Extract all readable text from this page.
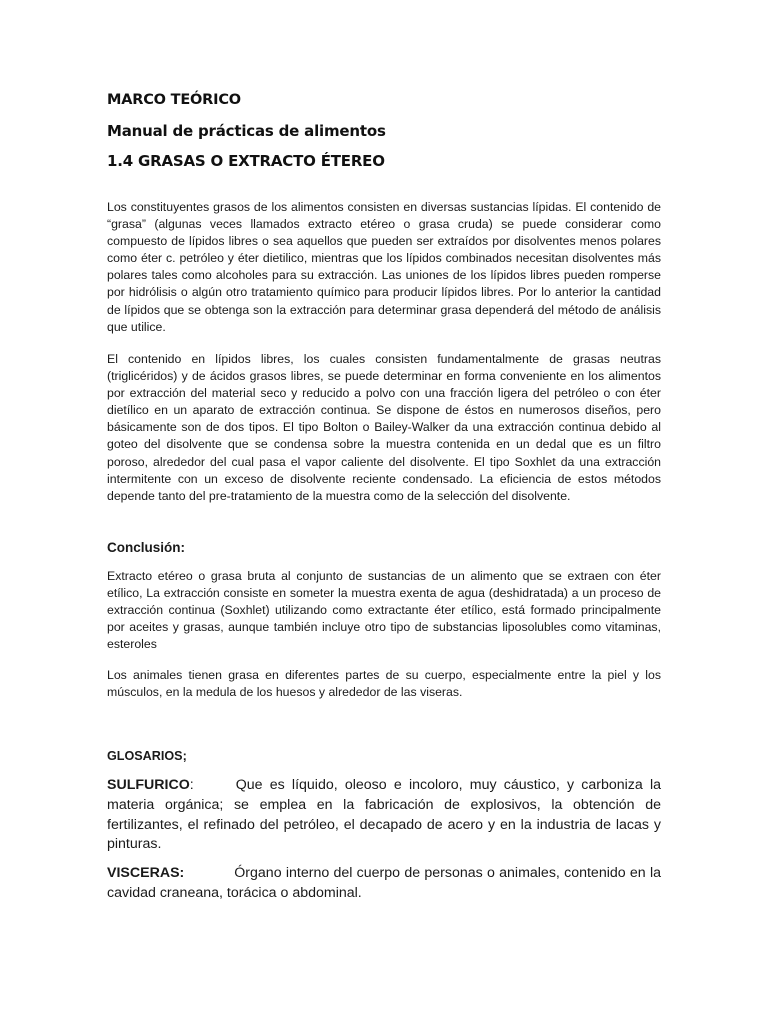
MARCO TEÓRICO
Manual de prácticas de alimentos
1.4 GRASAS O EXTRACTO ÉTEREO

Los constituyentes grasos de los alimentos consisten en diversas sustancias lípidas. El contenido de “grasa” (algunas veces llamados extracto etéreo o grasa cruda) se puede considerar como compuesto de lípidos libres o sea aquellos que pueden ser extraídos por disolventes menos polares como éter c. petróleo y éter dietilico, mientras que los lípidos combinados necesitan disolventes más polares tales como alcoholes para su extracción. Las uniones de los lípidos libres pueden romperse por hidrólisis o algún otro tratamiento químico para producir lípidos libres. Por lo anterior la cantidad de lípidos que se obtenga son la extracción para determinar grasa dependerá del método de análisis que utilice.

El contenido en lípidos libres, los cuales consisten fundamentalmente de grasas neutras (triglicéridos) y de ácidos grasos libres, se puede determinar en forma conveniente en los alimentos por extracción del material seco y reducido a polvo con una fracción ligera del petróleo o con éter dietílico en un aparato de extracción continua. Se dispone de éstos en numerosos diseños, pero básicamente son de dos tipos. El tipo Bolton o Bailey-Walker da una extracción continua debido al goteo del disolvente que se condensa sobre la muestra contenida en un dedal que es un filtro poroso, alrededor del cual pasa el vapor caliente del disolvente. El tipo Soxhlet da una extracción intermitente con un exceso de disolvente reciente condensado. La eficiencia de estos métodos depende tanto del pre-tratamiento de la muestra como de la selección del disolvente.

Conclusión:

Extracto etéreo o grasa bruta al conjunto de sustancias de un alimento que se extraen con éter etílico, La extracción consiste en someter la muestra exenta de agua (deshidratada) a un proceso de extracción continua (Soxhlet) utilizando como extractante éter etílico, está formado principalmente por aceites y grasas, aunque también incluye otro tipo de substancias liposolubles como vitaminas, esteroles

Los animales tienen grasa en diferentes partes de su cuerpo, especialmente entre la piel y los músculos, en la medula de los huesos y alrededor de las viseras.

GLOSARIOS;

SULFURICO:	Que es líquido, oleoso e incoloro, muy cáustico, y carboniza la materia orgánica; se emplea en la fabricación de explosivos, la obtención de fertilizantes, el refinado del petróleo, el decapado de acero y en la industria de lacas y pinturas.

VISCERAS:	Órgano interno del cuerpo de personas o animales, contenido en la cavidad craneana, torácica o abdominal.
